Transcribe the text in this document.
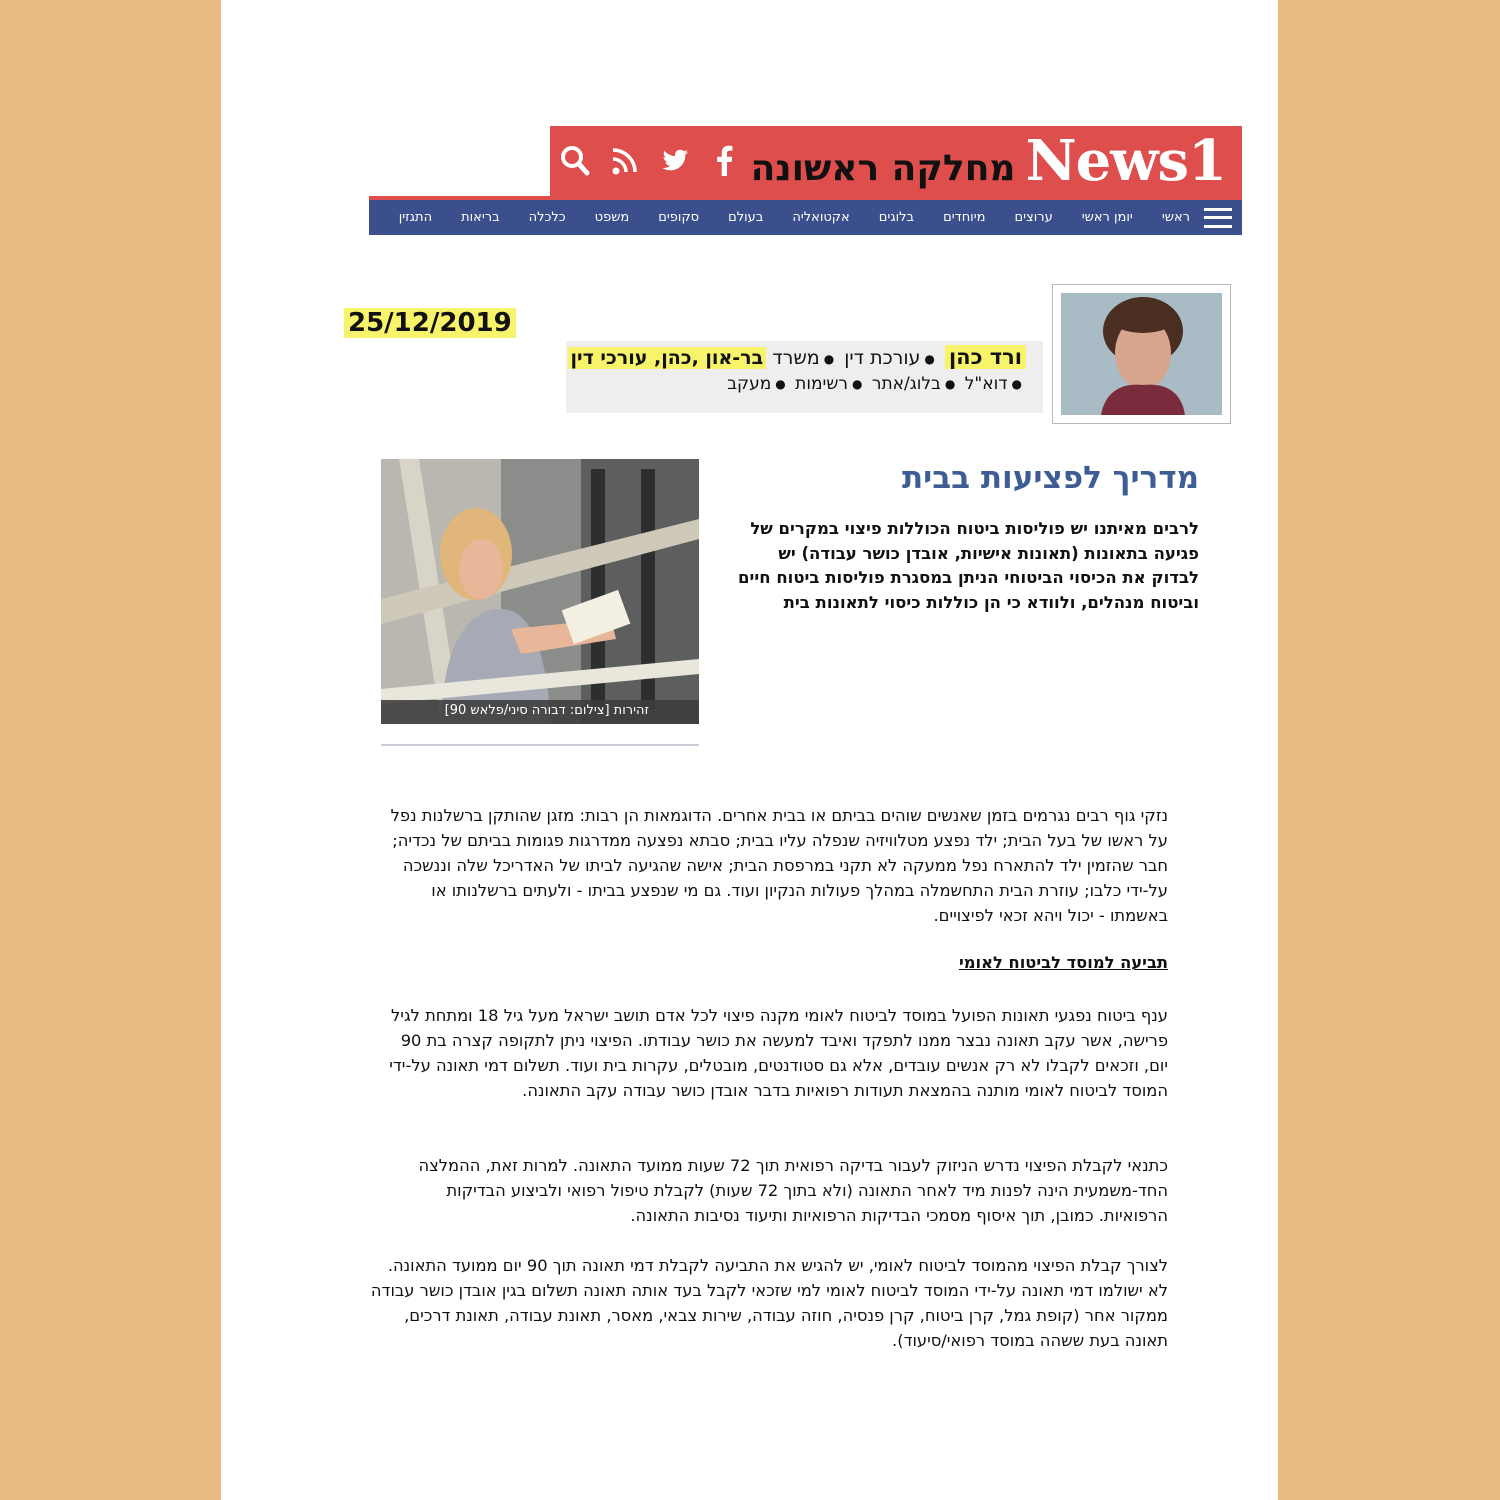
News1
מחלקה ראשונה
ראשי
יומן ראשי
ערוצים
מיוחדים
בלוגים
אקטואליה
בעולם
סקופים
משפט
כלכלה
בריאות
התגזין
25/12/2019
ורד כהן ●עורכת דין ●משרד בר-און ,כהן, עורכי דין
●דוא"ל ●בלוג/אתר ●רשימות ●מעקב
מדריך לפציעות בבית

לרבים מאיתנו יש פוליסות ביטוח הכוללות פיצוי במקרים של פגיעה בתאונות (תאונות אישיות, אובדן כושר עבודה) יש לבדוק את הכיסוי הביטוחי הניתן במסגרת פוליסות ביטוח חיים וביטוח מנהלים, ולוודא כי הן כוללות כיסוי לתאונות בית

זהירות [צילום: דבורה סיני/פלאש 90]

נזקי גוף רבים נגרמים בזמן שאנשים שוהים בביתם או בבית אחרים. הדוגמאות הן רבות: מזגן שהותקן ברשלנות נפל על ראשו של בעל הבית; ילד נפצע מטלוויזיה שנפלה עליו בבית; סבתא נפצעה ממדרגות פגומות בביתם של נכדיה; חבר שהזמין ילד להתארח נפל ממעקה לא תקני במרפסת הבית; אישה שהגיעה לביתו של האדריכל שלה וננשכה על-ידי כלבו; עוזרת הבית התחשמלה במהלך פעולות הנקיון ועוד. גם מי שנפצע בביתו - ולעתים ברשלנותו או באשמתו - יכול ויהא זכאי לפיצויים.

תביעה למוסד לביטוח לאומי

ענף ביטוח נפגעי תאונות הפועל במוסד לביטוח לאומי מקנה פיצוי לכל אדם תושב ישראל מעל גיל 18 ומתחת לגיל פרישה, אשר עקב תאונה נבצר ממנו לתפקד ואיבד למעשה את כושר עבודתו. הפיצוי ניתן לתקופה קצרה בת 90 יום, וזכאים לקבלו לא רק אנשים עובדים, אלא גם סטודנטים, מובטלים, עקרות בית ועוד. תשלום דמי תאונה על-ידי המוסד לביטוח לאומי מותנה בהמצאת תעודות רפואיות בדבר אובדן כושר עבודה עקב התאונה.

כתנאי לקבלת הפיצוי נדרש הניזוק לעבור בדיקה רפואית תוך 72 שעות ממועד התאונה. למרות זאת, ההמלצה החד-משמעית הינה לפנות מיד לאחר התאונה (ולא בתוך 72 שעות) לקבלת טיפול רפואי ולביצוע הבדיקות הרפואיות. כמובן, תוך איסוף מסמכי הבדיקות הרפואיות ותיעוד נסיבות התאונה.

לצורך קבלת הפיצוי מהמוסד לביטוח לאומי, יש להגיש את התביעה לקבלת דמי תאונה תוך 90 יום ממועד התאונה. לא ישולמו דמי תאונה על-ידי המוסד לביטוח לאומי למי שזכאי לקבל בעד אותה תאונה תשלום בגין אובדן כושר עבודה ממקור אחר (קופת גמל, קרן ביטוח, קרן פנסיה, חוזה עבודה, שירות צבאי, מאסר, תאונת עבודה, תאונת דרכים, תאונה בעת ששהה במוסד רפואי/סיעוד).
